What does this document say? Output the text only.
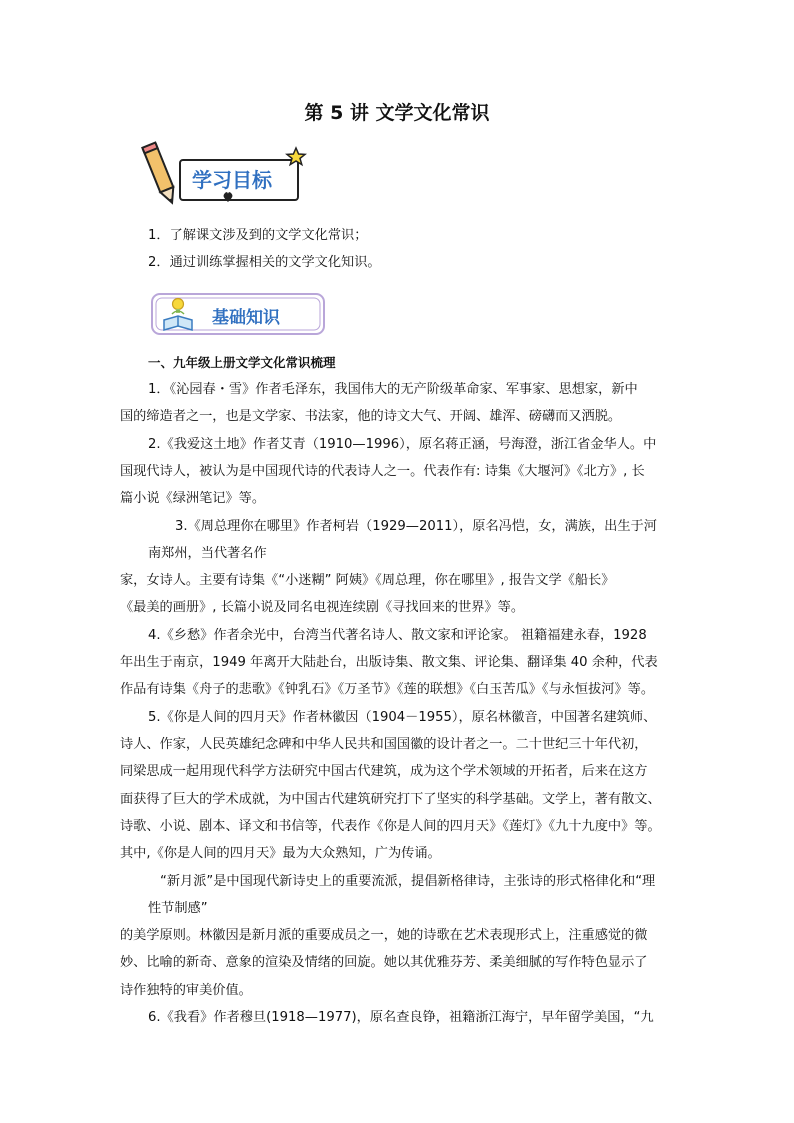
第 5 讲 文学文化常识
学习目标
1．了解课文涉及到的文学文化常识；
2．通过训练掌握相关的文学文化知识。
基础知识
一、九年级上册文学文化常识梳理
1．《沁园春・雪》作者毛泽东，我国伟大的无产阶级革命家、军事家、思想家，新中
国的缔造者之一，也是文学家、书法家，他的诗文大气、开阔、雄浑、磅礴而又洒脱。
2.《我爱这土地》作者艾青（1910—1996），原名蒋正涵，号海澄，浙江省金华人。中
国现代诗人，被认为是中国现代诗的代表诗人之一。代表作有: 诗集《大堰河》《北方》, 长
篇小说《绿洲笔记》等。
3.《周总理你在哪里》作者柯岩（1929—2011），原名冯恺，女，满族，出生于河
南郑州，当代著名作
家，女诗人。主要有诗集《“小迷糊” 阿姨》《周总理，你在哪里》, 报告文学《船长》
《最美的画册》, 长篇小说及同名电视连续剧《寻找回来的世界》等。
4.《乡愁》作者余光中，台湾当代著名诗人、散文家和评论家。 祖籍福建永春，1928
年出生于南京，1949 年离开大陆赴台，出版诗集、散文集、评论集、翻译集 40 余种，代表
作品有诗集《舟子的悲歌》《钟乳石》《万圣节》《莲的联想》《白玉苦瓜》《与永恒拔河》等。
5.《你是人间的四月天》作者林徽因（1904－1955），原名林徽音，中国著名建筑师、
诗人、作家，人民英雄纪念碑和中华人民共和国国徽的设计者之一。二十世纪三十年代初，
同梁思成一起用现代科学方法研究中国古代建筑，成为这个学术领域的开拓者，后来在这方
面获得了巨大的学术成就，为中国古代建筑研究打下了坚实的科学基础。文学上，著有散文、
诗歌、小说、剧本、译文和书信等，代表作《你是人间的四月天》《莲灯》《九十九度中》等。
其中,《你是人间的四月天》最为大众熟知，广为传诵。
“新月派”是中国现代新诗史上的重要流派，提倡新格律诗，主张诗的形式格律化和“理
性节制感”
的美学原则。林徽因是新月派的重要成员之一，她的诗歌在艺术表现形式上，注重感觉的微
妙、比喻的新奇、意象的渲染及情绪的回旋。她以其优雅芬芳、柔美细腻的写作特色显示了
诗作独特的审美价值。
6.《我看》作者穆旦(1918—1977)，原名查良铮，祖籍浙江海宁，早年留学美国，“九
